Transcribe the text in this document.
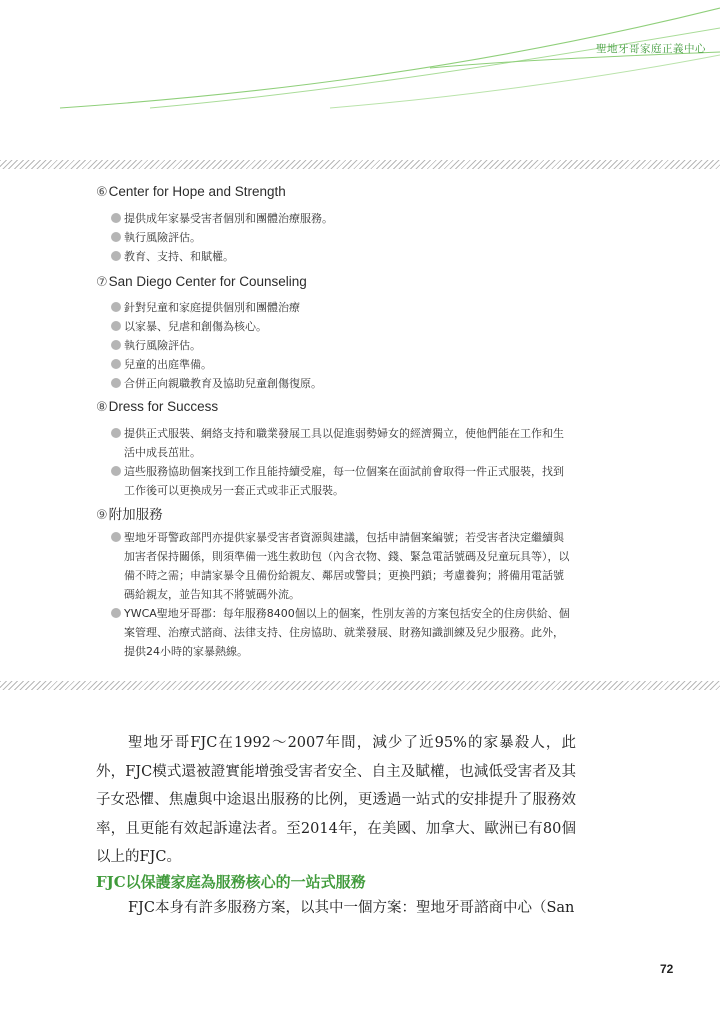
聖地牙哥家庭正義中心
⑥Center for Hope and Strength
提供成年家暴受害者個別和團體治療服務。
執行風險評估。
教育、支持、和賦權。
⑦San Diego Center for Counseling
針對兒童和家庭提供個別和團體治療
以家暴、兒虐和創傷為核心。
執行風險評估。
兒童的出庭準備。
合併正向親職教育及協助兒童創傷復原。
⑧Dress for Success
提供正式服裝、網絡支持和職業發展工具以促進弱勢婦女的經濟獨立，使他們能在工作和生活中成長茁壯。
這些服務協助個案找到工作且能持續受雇，每一位個案在面試前會取得一件正式服裝，找到工作後可以更換成另一套正式或非正式服裝。
⑨附加服務
聖地牙哥警政部門亦提供家暴受害者資源與建議，包括申請個案編號；若受害者決定繼續與加害者保持關係，則須準備一逃生救助包（內含衣物、錢、緊急電話號碼及兒童玩具等），以備不時之需；申請家暴令且備份給親友、鄰居或警員；更換門鎖；考慮養狗；將備用電話號碼給親友，並告知其不將號碼外流。
YWCA聖地牙哥郡：每年服務8400個以上的個案，性別友善的方案包括安全的住房供給、個案管理、治療式諮商、法律支持、住房協助、就業發展、財務知識訓練及兒少服務。此外，提供24小時的家暴熱線。
聖地牙哥FJC在1992～2007年間，減少了近95%的家暴殺人，此外，FJC模式還被證實能增強受害者安全、自主及賦權，也減低受害者及其子女恐懼、焦慮與中途退出服務的比例，更透過一站式的安排提升了服務效率，且更能有效起訴違法者。至2014年，在美國、加拿大、歐洲已有80個以上的FJC。
FJC以保護家庭為服務核心的一站式服務
FJC本身有許多服務方案，以其中一個方案：聖地牙哥諮商中心（San
72
